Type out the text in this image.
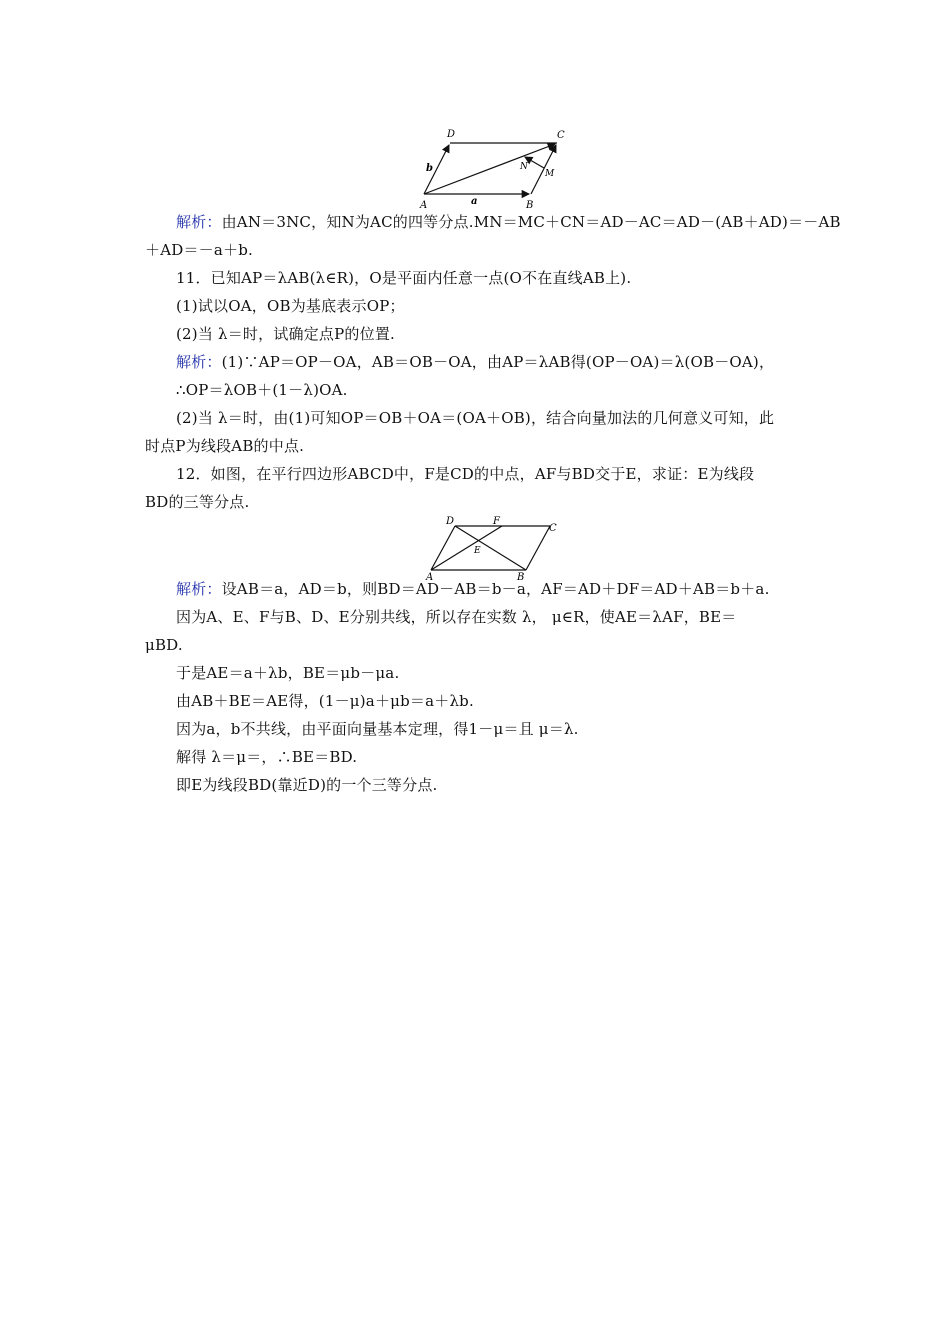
D	C
b	N
M
A	a	B
解析：由AN＝3NC，知N为AC的四等分点.MN＝MC＋CN＝AD－AC＝AD－(AB＋AD)＝－AB
＋AD＝－a＋b.
11．已知AP＝λAB(λ∈R)，O是平面内任意一点(O不在直线AB上).
(1)试以OA，OB为基底表示OP；
(2)当 λ＝时，试确定点P的位置.
解析：(1)∵AP＝OP－OA，AB＝OB－OA，由AP＝λAB得(OP－OA)＝λ(OB－OA)，
∴OP＝λOB＋(1－λ)OA.
(2)当 λ＝时，由(1)可知OP＝OB＋OA＝(OA＋OB)，结合向量加法的几何意义可知，此
时点P为线段AB的中点.
12．如图，在平行四边形ABCD中，F是CD的中点，AF与BD交于E，求证：E为线段
BD的三等分点.
D	F
C
E
A	B
解析：设AB＝a，AD＝b，则BD＝AD－AB＝b－a，AF＝AD＋DF＝AD＋AB＝b＋a.
因为A、E、F与B、D、E分别共线，所以存在实数 λ， μ∈R，使AE＝λAF，BE＝
μBD.
于是AE＝a＋λb，BE＝μb－μa.
由AB＋BE＝AE得，(1－μ)a＋μb＝a＋λb.
因为a，b不共线，由平面向量基本定理，得1－μ＝且 μ＝λ.
解得 λ＝μ＝，∴BE＝BD.
即E为线段BD(靠近D)的一个三等分点.
